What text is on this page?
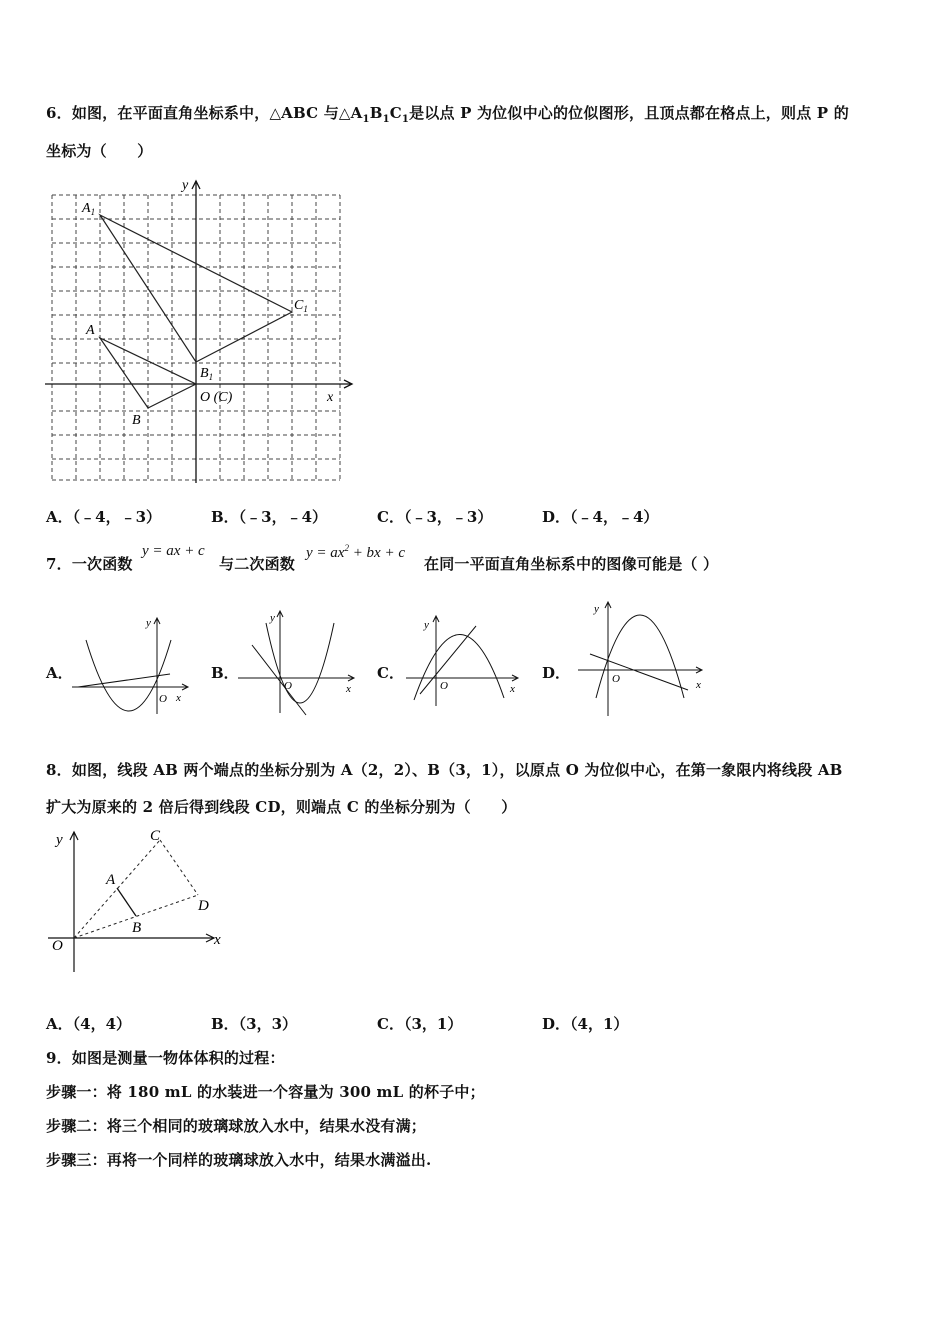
6．如图，在平面直角坐标系中，△ABC 与$\triangle A_1B_1C_1$是以点 P 为位似中心的位似图形，且顶点都在格点上，则点 P 的
坐标为（　　）
y
x
$A_1$
$C_1$
A
$B_1$
O (C)
B
A．（﹣4，﹣3）	B．（﹣3，﹣4）	C．（﹣3，﹣3）	D．（﹣4，﹣4）
7．一次函数
y = ax + c
与二次函数
$y = ax^2$ + bx + c
在同一平面直角坐标系中的图像可能是（ ）
A．
y
x
O
B．
y
x
O
C．
y
x
O
D．
y
x
O
8．如图，线段 AB 两个端点的坐标分别为 A（2，2）、B（3，1），以原点 O 为位似中心，在第一象限内将线段 AB
扩大为原来的 2 倍后得到线段 CD，则端点 C 的坐标分别为（　　）
y
x
O
A
B
C
D
A．（4，4）	B．（3，3）	C．（3，1）	D．（4，1）
9．如图是测量一物体体积的过程：
步骤一：将 180 mL 的水装进一个容量为 300 mL 的杯子中；
步骤二：将三个相同的玻璃球放入水中，结果水没有满；
步骤三：再将一个同样的玻璃球放入水中，结果水满溢出.
